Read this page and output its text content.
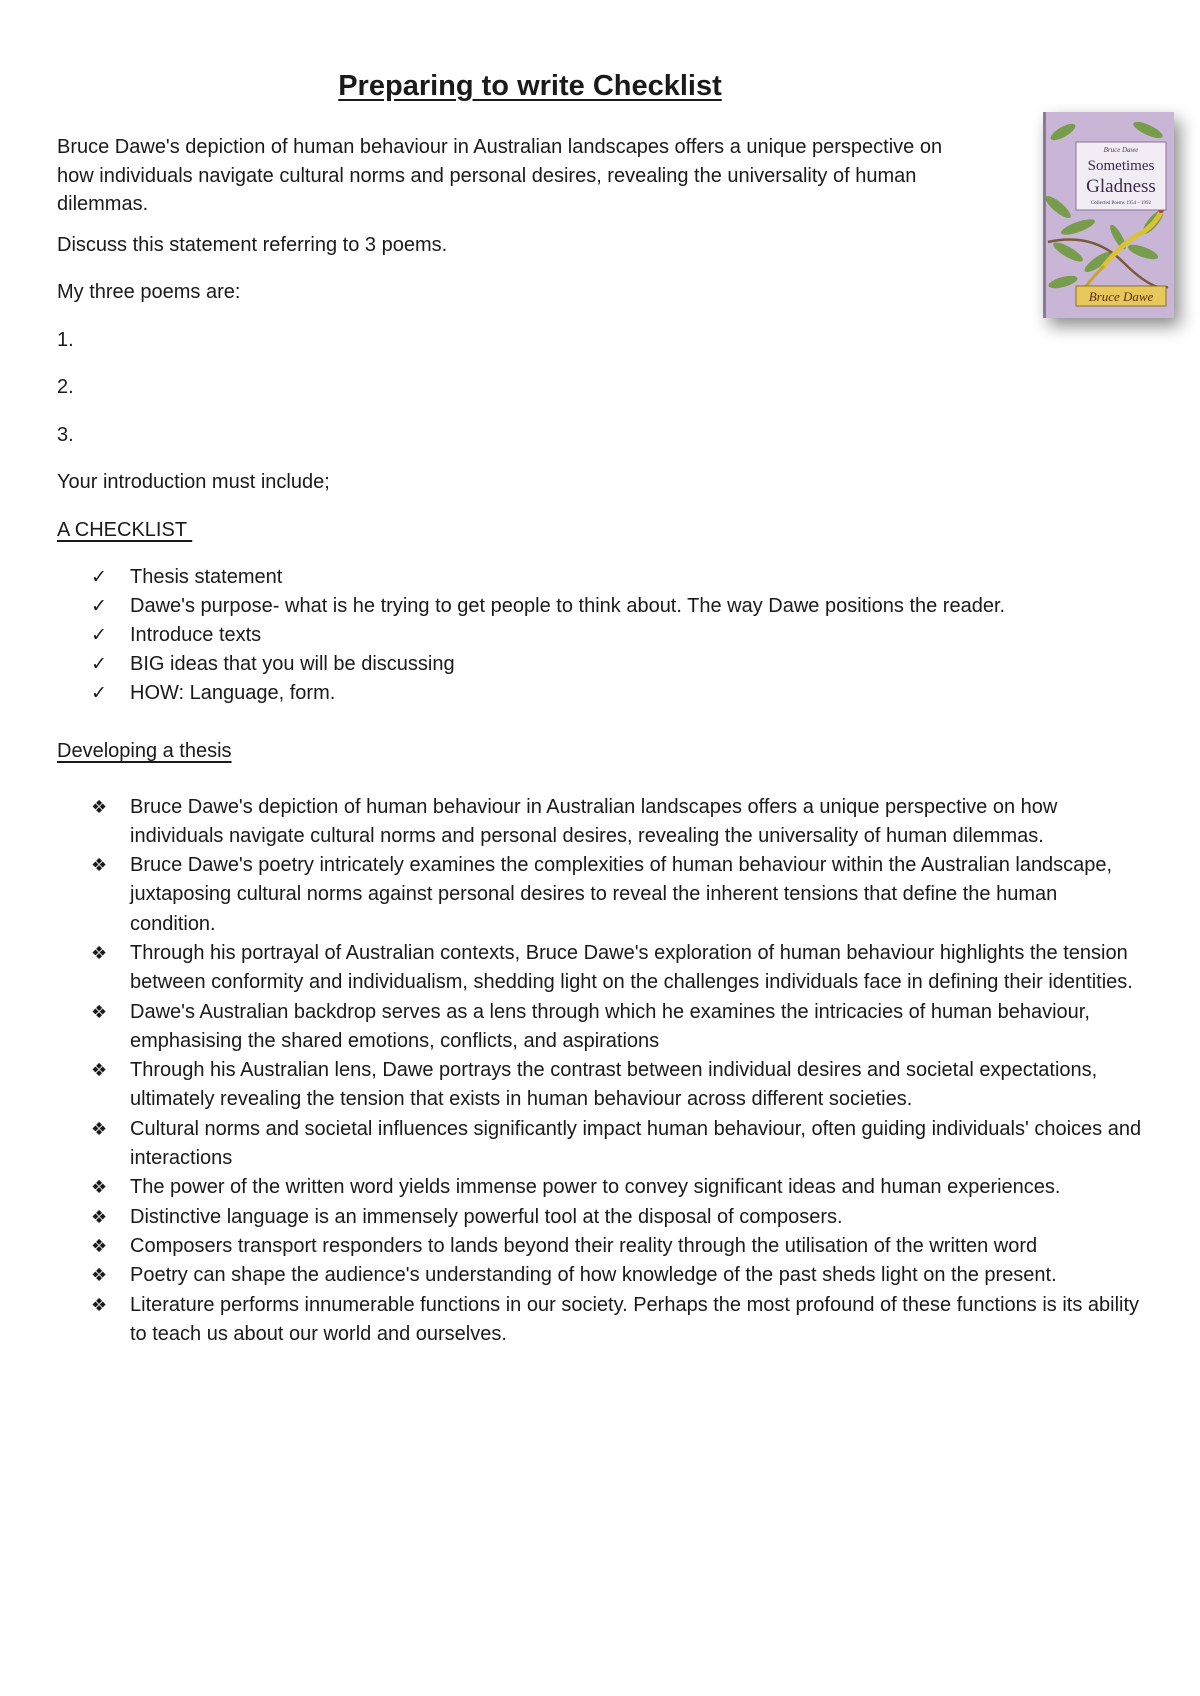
Preparing to write Checklist
Bruce Dawe
Sometimes
Gladness
Collected Poems 1954 – 1992
Bruce Dawe

Bruce Dawe's depiction of human behaviour in Australian landscapes offers a unique perspective on how individuals navigate cultural norms and personal desires, revealing the universality of human dilemmas.

Discuss this statement referring to 3 poems.

My three poems are:

1.

2.

3.

Your introduction must include;

A CHECKLIST

✓ Thesis statement
✓ Dawe's purpose- what is he trying to get people to think about. The way Dawe positions the reader.
✓ Introduce texts
✓ BIG ideas that you will be discussing
✓ HOW: Language, form.

Developing a thesis

❖ Bruce Dawe's depiction of human behaviour in Australian landscapes offers a unique perspective on how individuals navigate cultural norms and personal desires, revealing the universality of human dilemmas.
❖ Bruce Dawe's poetry intricately examines the complexities of human behaviour within the Australian landscape, juxtaposing cultural norms against personal desires to reveal the inherent tensions that define the human condition.
❖ Through his portrayal of Australian contexts, Bruce Dawe's exploration of human behaviour highlights the tension between conformity and individualism, shedding light on the challenges individuals face in defining their identities.
❖ Dawe's Australian backdrop serves as a lens through which he examines the intricacies of human behaviour, emphasising the shared emotions, conflicts, and aspirations
❖ Through his Australian lens, Dawe portrays the contrast between individual desires and societal expectations, ultimately revealing the tension that exists in human behaviour across different societies.
❖ Cultural norms and societal influences significantly impact human behaviour, often guiding individuals' choices and interactions
❖ The power of the written word yields immense power to convey significant ideas and human experiences.
❖ Distinctive language is an immensely powerful tool at the disposal of composers.
❖ Composers transport responders to lands beyond their reality through the utilisation of the written word
❖ Poetry can shape the audience's understanding of how knowledge of the past sheds light on the present.
❖ Literature performs innumerable functions in our society. Perhaps the most profound of these functions is its ability to teach us about our world and ourselves.
